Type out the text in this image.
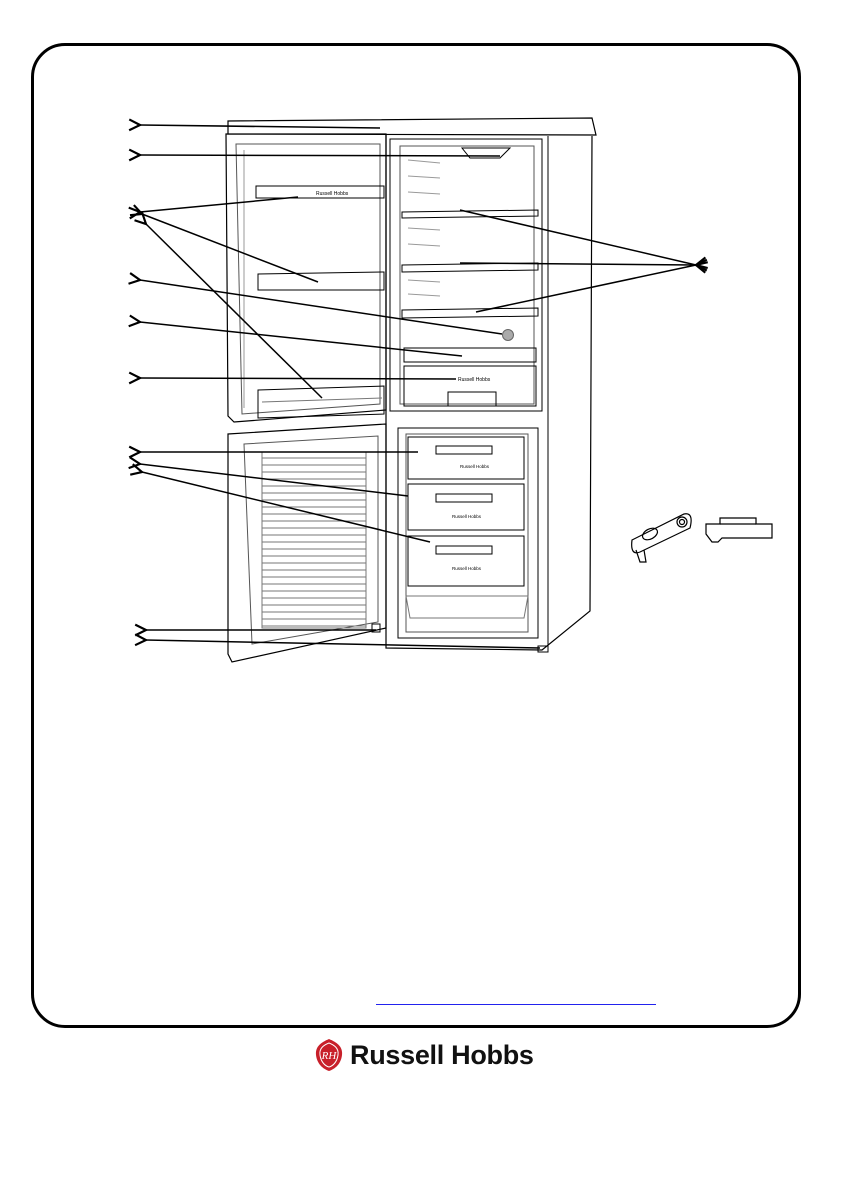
Russell Hobbs
Russell Hobbs
Russell Hobbs
Russell Hobbs
Russell Hobbs
RH Russell Hobbs
